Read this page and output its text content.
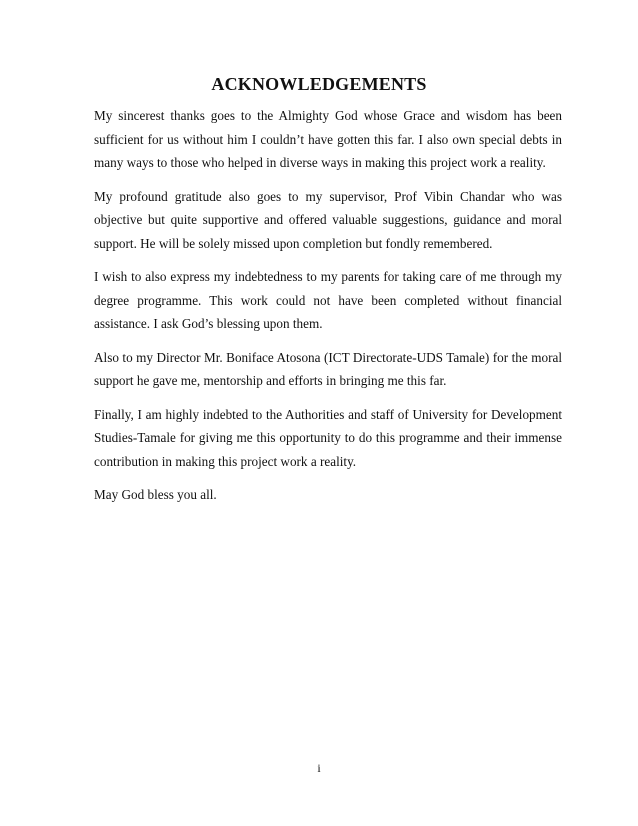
ACKNOWLEDGEMENTS

My sincerest thanks goes to the Almighty God whose Grace and wisdom has been sufficient for us without him I couldn’t have gotten this far. I also own special debts in many ways to those who helped in diverse ways in making this project work a reality.

My profound gratitude also goes to my supervisor, Prof Vibin Chandar who was objective but quite supportive and offered valuable suggestions, guidance and moral support. He will be solely missed upon completion but fondly remembered.

I wish to also express my indebtedness to my parents for taking care of me through my degree programme. This work could not have been completed without financial assistance. I ask God’s blessing upon them.

Also to my Director Mr. Boniface Atosona (ICT Directorate-UDS Tamale) for the moral support he gave me, mentorship and efforts in bringing me this far.

Finally, I am highly indebted to the Authorities and staff of University for Development Studies-Tamale for giving me this opportunity to do this programme and their immense contribution in making this project work a reality.

May God bless you all.

i
